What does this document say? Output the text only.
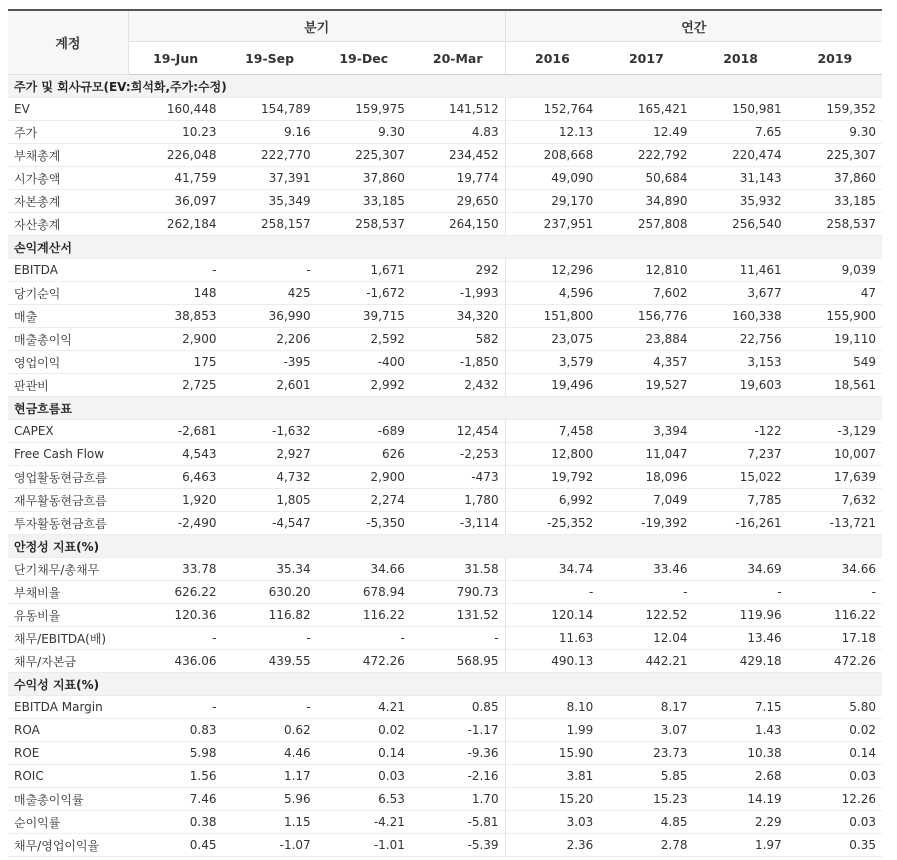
계정	분기				연간			
	19-Jun	19-Sep	19-Dec	20-Mar	2016	2017	2018	2019
주가 및 회사규모(EV:희석화,주가:수정)								
EV	160,448	154,789	159,975	141,512	152,764	165,421	150,981	159,352
주가	10.23	9.16	9.30	4.83	12.13	12.49	7.65	9.30
부채총계	226,048	222,770	225,307	234,452	208,668	222,792	220,474	225,307
시가총액	41,759	37,391	37,860	19,774	49,090	50,684	31,143	37,860
자본총계	36,097	35,349	33,185	29,650	29,170	34,890	35,932	33,185
자산총계	262,184	258,157	258,537	264,150	237,951	257,808	256,540	258,537
손익계산서								
EBITDA	-	-	1,671	292	12,296	12,810	11,461	9,039
당기순익	148	425	-1,672	-1,993	4,596	7,602	3,677	47
매출	38,853	36,990	39,715	34,320	151,800	156,776	160,338	155,900
매출총이익	2,900	2,206	2,592	582	23,075	23,884	22,756	19,110
영업이익	175	-395	-400	-1,850	3,579	4,357	3,153	549
판관비	2,725	2,601	2,992	2,432	19,496	19,527	19,603	18,561
현금흐름표								
CAPEX	-2,681	-1,632	-689	12,454	7,458	3,394	-122	-3,129
Free Cash Flow	4,543	2,927	626	-2,253	12,800	11,047	7,237	10,007
영업활동현금흐름	6,463	4,732	2,900	-473	19,792	18,096	15,022	17,639
재무활동현금흐름	1,920	1,805	2,274	1,780	6,992	7,049	7,785	7,632
투자활동현금흐름	-2,490	-4,547	-5,350	-3,114	-25,352	-19,392	-16,261	-13,721
안정성 지표(%)								
단기채무/총채무	33.78	35.34	34.66	31.58	34.74	33.46	34.69	34.66
부채비율	626.22	630.20	678.94	790.73	-	-	-	-
유동비율	120.36	116.82	116.22	131.52	120.14	122.52	119.96	116.22
채무/EBITDA(배)	-	-	-	-	11.63	12.04	13.46	17.18
채무/자본금	436.06	439.55	472.26	568.95	490.13	442.21	429.18	472.26
수익성 지표(%)								
EBITDA Margin	-	-	4.21	0.85	8.10	8.17	7.15	5.80
ROA	0.83	0.62	0.02	-1.17	1.99	3.07	1.43	0.02
ROE	5.98	4.46	0.14	-9.36	15.90	23.73	10.38	0.14
ROIC	1.56	1.17	0.03	-2.16	3.81	5.85	2.68	0.03
매출총이익률	7.46	5.96	6.53	1.70	15.20	15.23	14.19	12.26
순이익률	0.38	1.15	-4.21	-5.81	3.03	4.85	2.29	0.03
채무/영업이익율	0.45	-1.07	-1.01	-5.39	2.36	2.78	1.97	0.35
